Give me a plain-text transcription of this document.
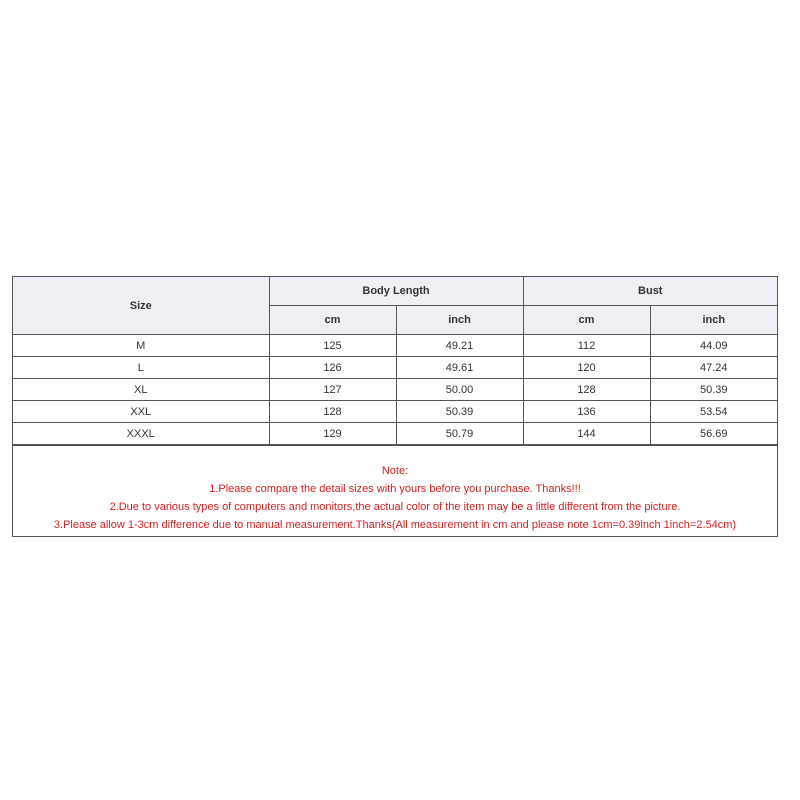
Size	Body Length		Bust	
	cm	inch	cm	inch
M	125	49.21	112	44.09
L	126	49.61	120	47.24
XL	127	50.00	128	50.39
XXL	128	50.39	136	53.54
XXXL	129	50.79	144	56.69
Note:
1.Please compare the detail sizes with yours before you purchase. Thanks!!!
2.Due to various types of computers and monitors,the actual color of the item may be a little different from the picture.
3.Please allow 1-3cm difference due to manual measurement.Thanks(All measurement in cm and please note 1cm=0.39inch 1inch=2.54cm)
